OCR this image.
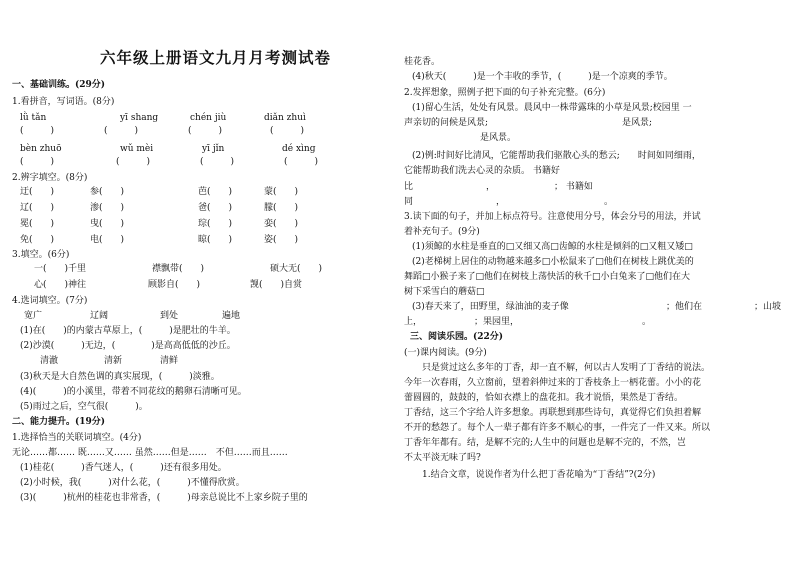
六年级上册语文九月月考测试卷
一、基础训练。(29分)
1.看拼音，写词语。(8分)
lǜ tǎn	yī shang	chén jiù	diǎn zhuì
(　　　)	(　　　)	(　　　)	(　　　)
bèn zhuō	wǔ mèi	yī jǐn	dé xìng
(　　　)	(　　　)	(　　　)	(　　　)
2.辨字填空。(8分)
迂(　　)	参(　　)	芭(　　)	蒙(　　)
辽(　　)	渗(　　)	爸(　　)	朦(　　)
冕(　　)	曳(　　)	琮(　　)	娈(　　)
免(　　)	电(　　)	晾(　　)	姿(　　)
3.填空。(6分)
一(　　)千里	襟飘带(　　)	硕大无(　　)
心(　　)神往	顾影自(　　)	觊(　　)自赏
4.选词填空。(7分)
宽广	辽阔	到处	遍地
(1)在(　　)的内蒙古草原上，(　　　)是肥壮的牛羊。
(2)沙漠(　　　)无边，(　　　　)是高高低低的沙丘。
清澈	清新	清鲜
(3)秋天是大自然色调的真实展现，(　　　)淡雅。
(4)(　　　)的小溪里，带着不同花纹的鹅卵石清晰可见。
(5)雨过之后，空气很(　　　)。
二、能力提升。(19分)
1.选择恰当的关联词填空。(4分)
无论……都…… 既……又…… 虽然……但是……　不但……而且……
(1)桂花(　　　)香气迷人，(　　　)还有很多用处。
(2)小时候，我(　　　)对什么花，(　　　)不懂得欣赏。
(3)(　　　)杭州的桂花也非常香，(　　　)母亲总说比不上家乡院子里的
桂花香。
(4)秋天(　　　)是一个丰收的季节，(　　　)是一个凉爽的季节。
2.发挥想象，照例子把下面的句子补充完整。(6分)
(1)留心生活，处处有风景。晨风中一株带露珠的小草是风景;校园里 一
声亲切的问候是风景;	是风景;
是风景。
(2)例:时间好比清风，它能帮助我们驱散心头的愁云;　　时间如同细雨，
它能帮助我们洗去心灵的杂质。 书籍好
比	，	； 书籍如
同	，	。
3.读下面的句子，并加上标点符号。注意使用分号，体会分号的用法，并试
着补充句子。(9分)
(1)须鲸的水柱是垂直的□又细又高□齿鲸的水柱是倾斜的□又粗又矮□
(2)老梯树上居住的动物越来越多□小松鼠来了□他们在树枝上跳优美的
舞蹈□小猴子来了□他们在树枝上荡快活的秋千□小白兔来了□他们在大
树下采雪白的蘑菇□
(3)春天来了，田野里，绿油油的麦子像	；他们在	；山坡
上，	；果园里，	。
三、阅读乐园。(22分)
(一)课内阅读。(9分)
只是赏过这么多年的丁香，却一直不解，何以古人发明了丁香结的说法。
今年一次春雨，久立窗前，望着斜伸过来的丁香枝条上一柄花蕾。小小的花
蕾圆圆的，鼓鼓的，恰如衣襟上的盘花扣。我才说悟，果然是丁香结。
丁香结，这三个字给人许多想象。再联想到那些诗句，真觉得它们负担着解
不开的愁怨了。每个人一辈子都有许多不顺心的事，一件完了一件又来。所以
丁香年年都有。结，是解不完的;人生中的问题也是解不完的，不然，岂
不太平淡无味了吗?
1.结合文章，说说作者为什么把丁香花喻为“丁香结”?(2分)
